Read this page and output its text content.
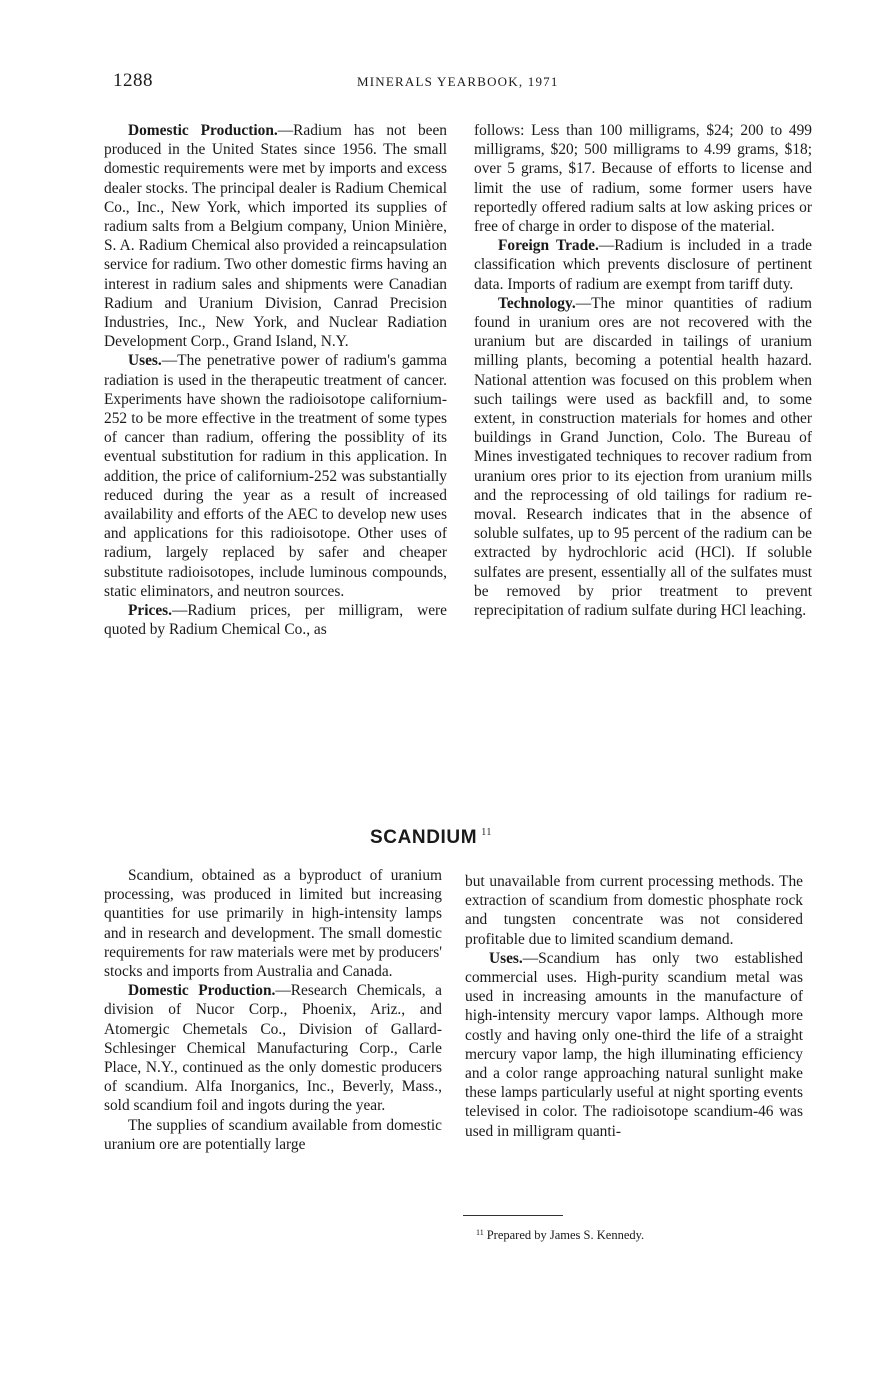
1288	MINERALS YEARBOOK, 1971

Domestic Production.—Radium has not been produced in the United States since 1956. The small domestic requirements were met by imports and excess dealer stocks. The principal dealer is Radium Chemical Co., Inc., New York, which imported its supplies of radium salts from a Belgium company, Union Minière, S. A. Radium Chemical also provided a reincapsulation service for radium. Two other domestic firms having an interest in radium sales and shipments were Canadian Radium and Uranium Division, Canrad Precision Industries, Inc., New York, and Nuclear Radiation Development Corp., Grand Island, N.Y.

Uses.—The penetrative power of radium's gamma radiation is used in the therapeutic treatment of cancer. Experiments have shown the radioisotope californium-252 to be more effective in the treatment of some types of cancer than radium, offering the possiblity of its eventual substitution for radium in this application. In addition, the price of californium-252 was substantially reduced during the year as a result of increased availability and efforts of the AEC to develop new uses and applications for this radioisotope. Other uses of radium, largely replaced by safer and cheaper substitute radioisotopes, include luminous compounds, static eliminators, and neutron sources.

Prices.—Radium prices, per milligram, were quoted by Radium Chemical Co., as

follows: Less than 100 milligrams, $24; 200 to 499 milligrams, $20; 500 milligrams to 4.99 grams, $18; over 5 grams, $17. Because of efforts to license and limit the use of radium, some former users have reportedly offered radium salts at low asking prices or free of charge in order to dispose of the material.

Foreign Trade.—Radium is included in a trade classification which prevents disclosure of pertinent data. Imports of radium are exempt from tariff duty.

Technology.—The minor quantities of radium found in uranium ores are not recovered with the uranium but are discarded in tailings of uranium milling plants, becoming a potential health hazard. National attention was focused on this problem when such tailings were used as backfill and, to some extent, in construction materials for homes and other buildings in Grand Junction, Colo. The Bureau of Mines investigated techniques to recover radium from uranium ores prior to its ejection from uranium mills and the reprocessing of old tailings for radium removal. Research indicates that in the absence of soluble sulfates, up to 95 percent of the radium can be extracted by hydrochloric acid (HCl). If soluble sulfates are present, essentially all of the sulfates must be removed by prior treatment to prevent reprecipitation of radium sulfate during HCl leaching.

SCANDIUM $^{11}$

Scandium, obtained as a byproduct of uranium processing, was produced in limited but increasing quantities for use primarily in high-intensity lamps and in research and development. The small domestic requirements for raw materials were met by producers' stocks and imports from Australia and Canada.

Domestic Production.—Research Chemicals, a division of Nucor Corp., Phoenix, Ariz., and Atomergic Chemetals Co., Division of Gallard-Schlesinger Chemical Manufacturing Corp., Carle Place, N.Y., continued as the only domestic producers of scandium. Alfa Inorganics, Inc., Beverly, Mass., sold scandium foil and ingots during the year.

The supplies of scandium available from domestic uranium ore are potentially large

but unavailable from current processing methods. The extraction of scandium from domestic phosphate rock and tungsten concentrate was not considered profitable due to limited scandium demand.

Uses.—Scandium has only two established commercial uses. High-purity scandium metal was used in increasing amounts in the manufacture of high-intensity mercury vapor lamps. Although more costly and having only one-third the life of a straight mercury vapor lamp, the high illuminating efficiency and a color range approaching natural sunlight make these lamps particularly useful at night sporting events televised in color. The radioisotope scandium-46 was used in milligram quanti-

$^{11}$ Prepared by James S. Kennedy.
